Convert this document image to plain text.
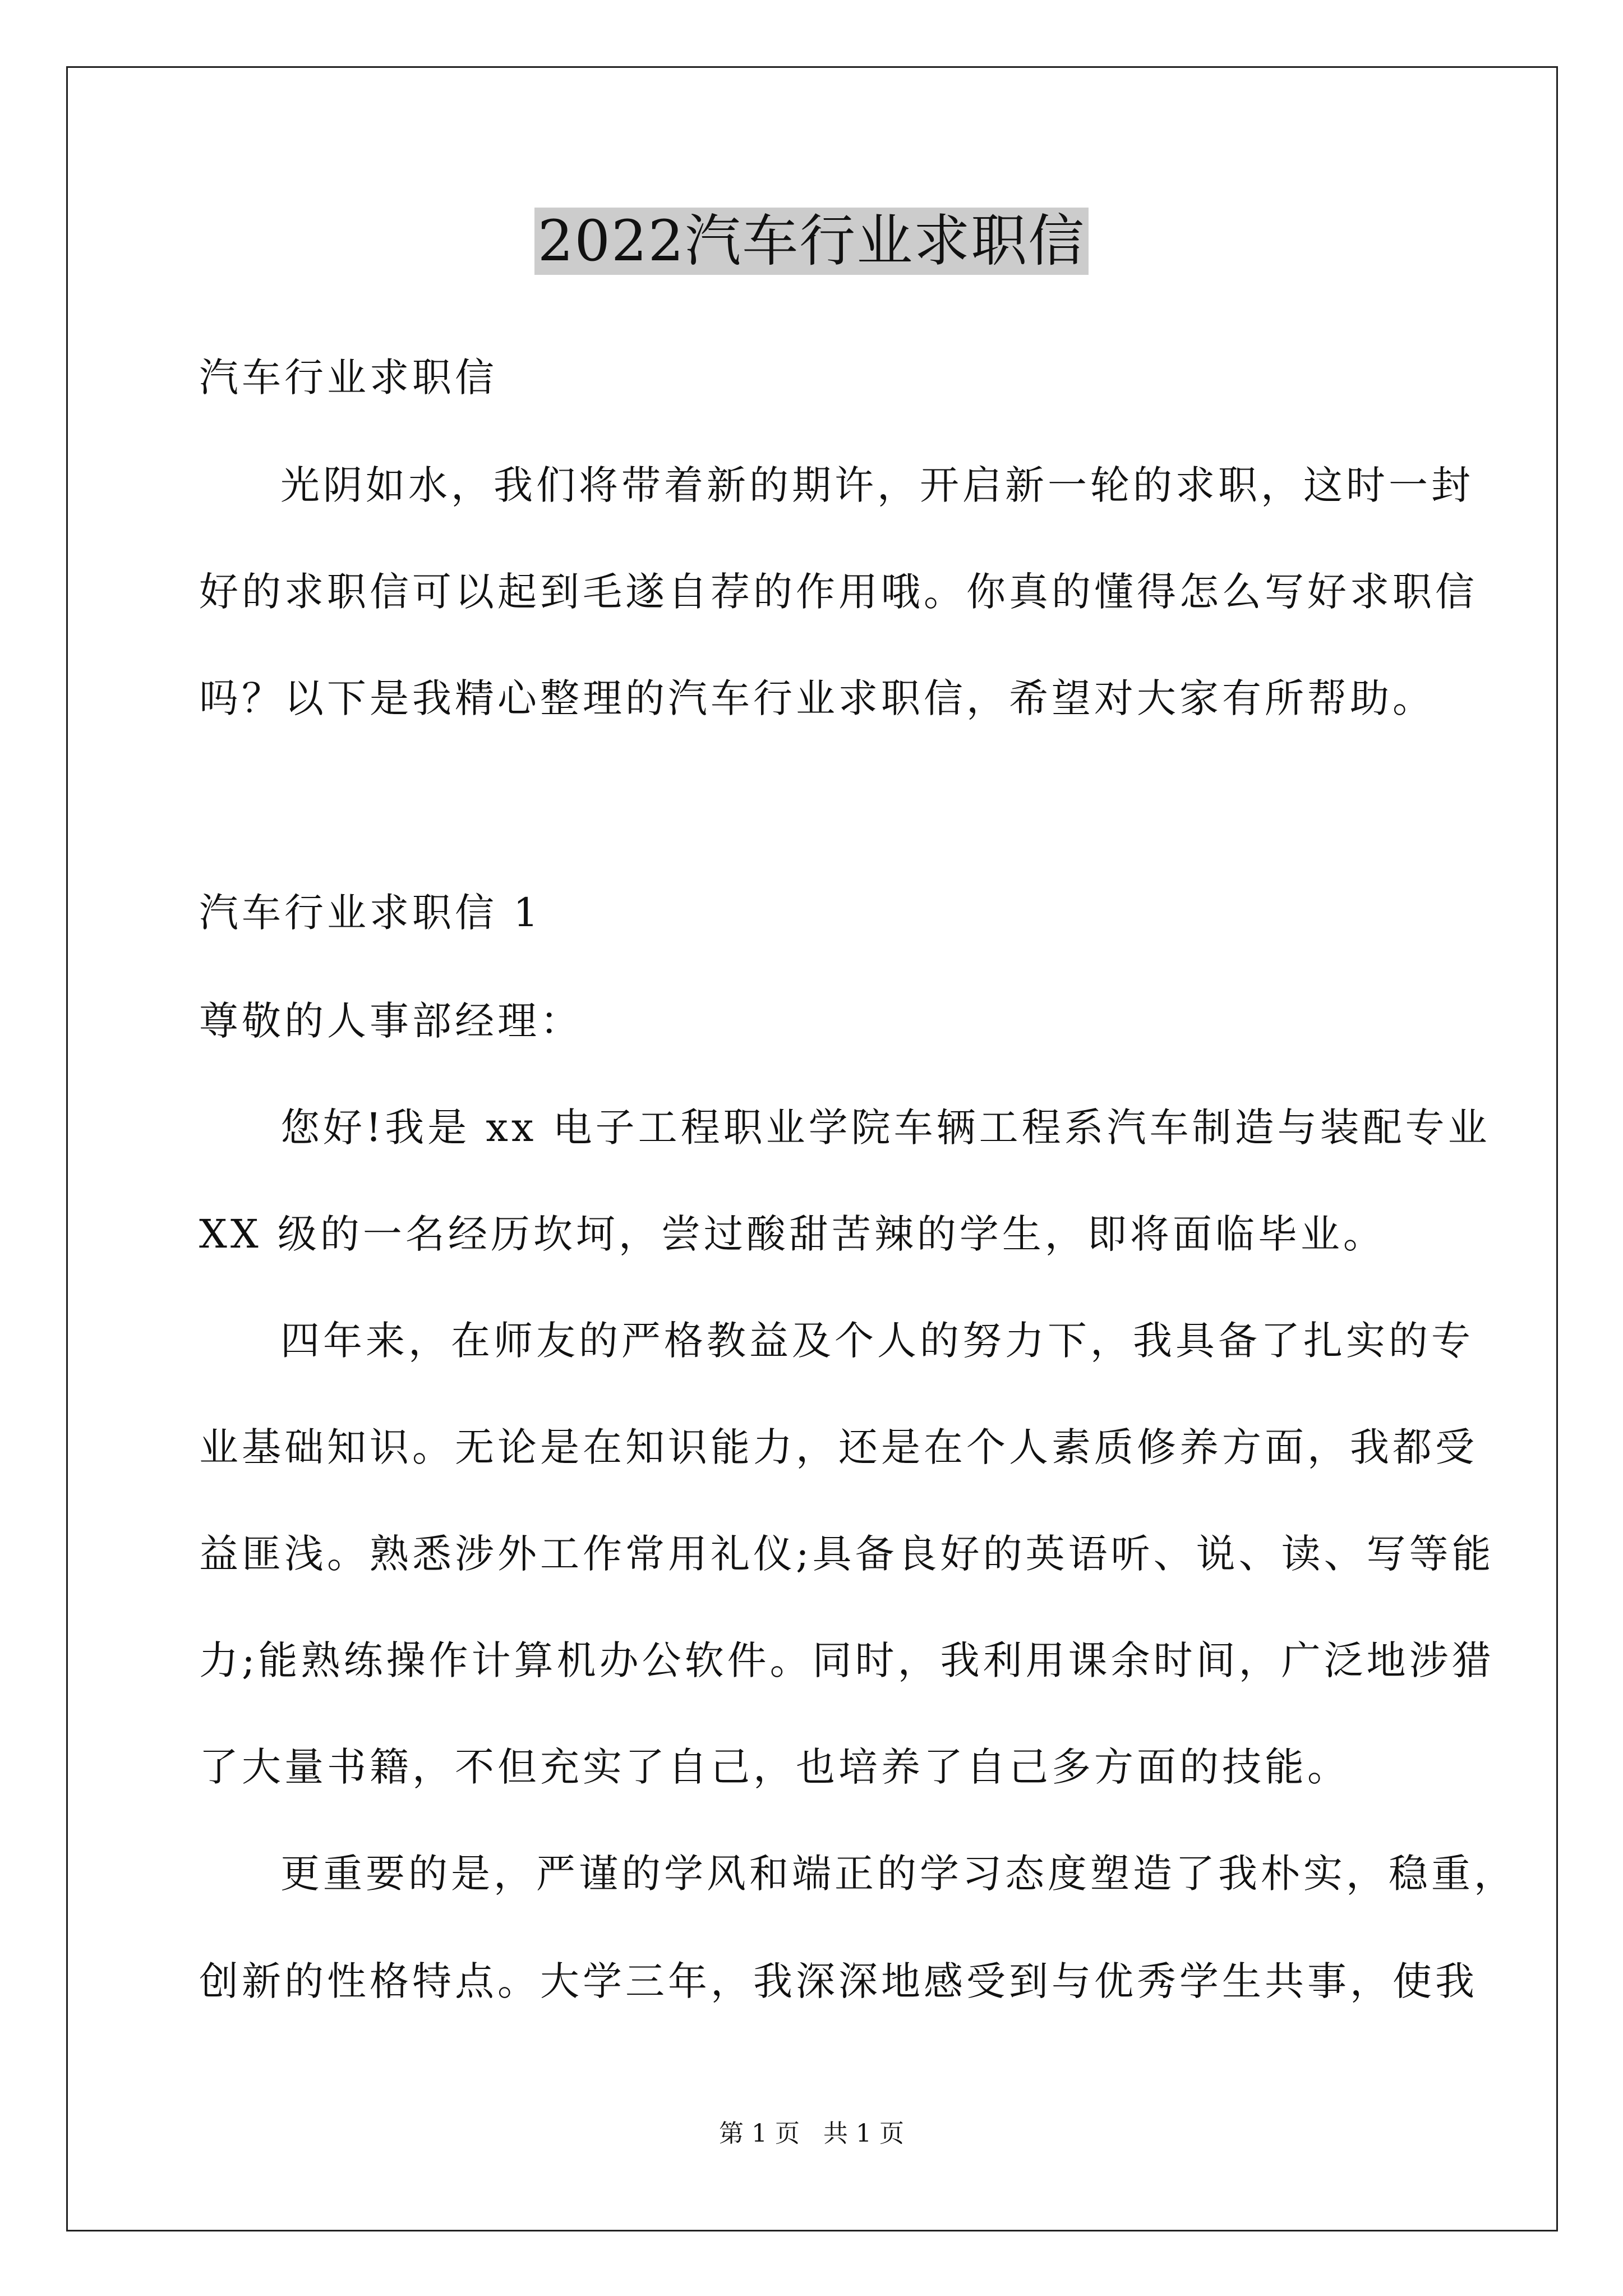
2022汽车行业求职信
汽车行业求职信
光阴如水，我们将带着新的期许，开启新一轮的求职，这时一封
好的求职信可以起到毛遂自荐的作用哦。你真的懂得怎么写好求职信
吗？以下是我精心整理的汽车行业求职信，希望对大家有所帮助。
汽车行业求职信 1
尊敬的人事部经理：
您好!我是 xx 电子工程职业学院车辆工程系汽车制造与装配专业
XX 级的一名经历坎坷，尝过酸甜苦辣的学生，即将面临毕业。
四年来，在师友的严格教益及个人的努力下，我具备了扎实的专
业基础知识。无论是在知识能力，还是在个人素质修养方面，我都受
益匪浅。熟悉涉外工作常用礼仪;具备良好的英语听、说、读、写等能
力;能熟练操作计算机办公软件。同时，我利用课余时间，广泛地涉猎
了大量书籍，不但充实了自己，也培养了自己多方面的技能。
更重要的是，严谨的学风和端正的学习态度塑造了我朴实，稳重，
创新的性格特点。大学三年，我深深地感受到与优秀学生共事，使我
第 1 页   共 1 页
